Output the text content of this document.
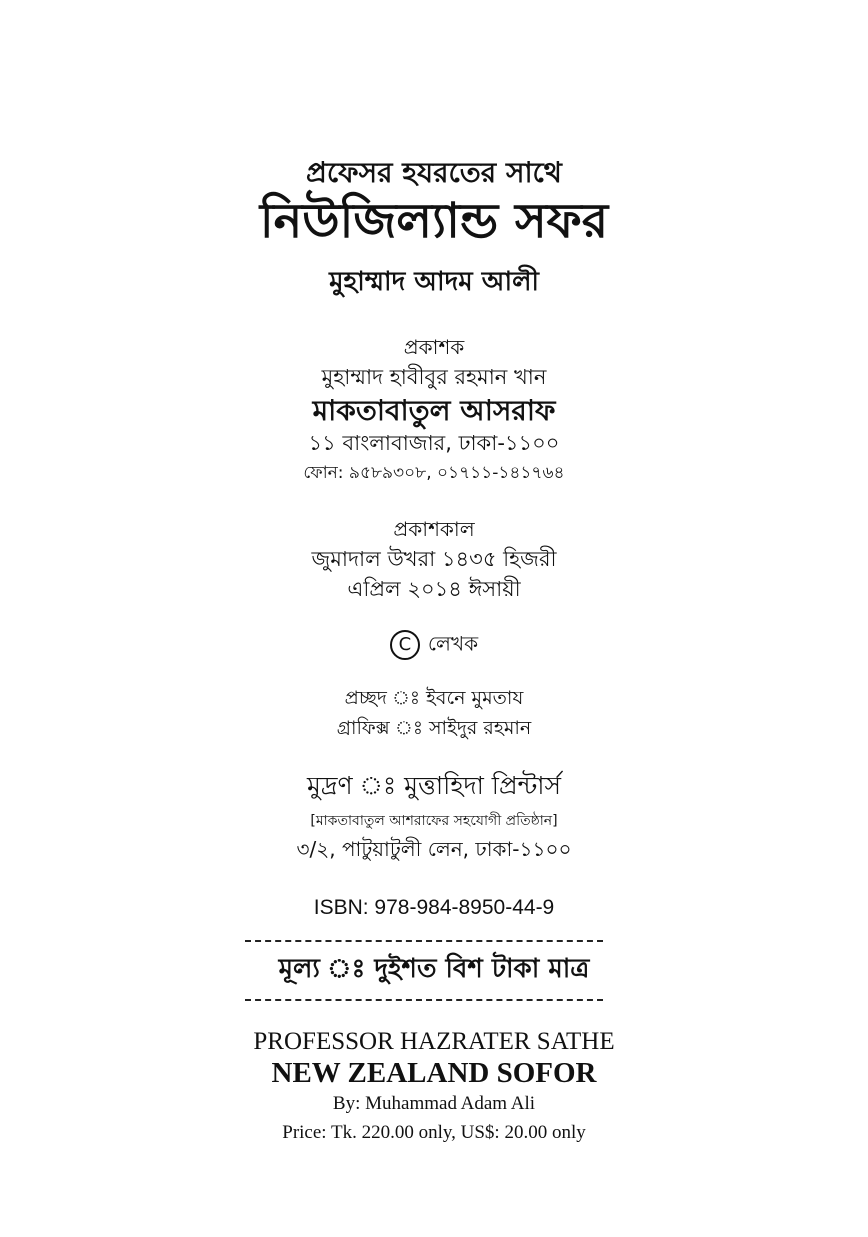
প্রফেসর হযরতের সাথে
নিউজিল্যান্ড সফর
মুহাম্মাদ আদম আলী
প্রকাশক
মুহাম্মাদ হাবীবুর রহমান খান
মাকতাবাতুল আসরাফ
১১ বাংলাবাজার, ঢাকা-১১০০
ফোন: ৯৫৮৯৩০৮, ০১৭১১-১৪১৭৬৪
প্রকাশকাল
জুমাদাল উখরা ১৪৩৫ হিজরী
এপ্রিল ২০১৪ ঈসায়ী
C লেখক
প্রচ্ছদ ঃ ইবনে মুমতায
গ্রাফিক্স ঃ সাইদুর রহমান
মুদ্রণ ঃ মুত্তাহিদা প্রিন্টার্স
[মাকতাবাতুল আশরাফের সহযোগী প্রতিষ্ঠান]
৩/২, পাটুয়াটুলী লেন, ঢাকা-১১০০
ISBN: 978-984-8950-44-9
মূল্য ঃ দুইশত বিশ টাকা মাত্র
PROFESSOR HAZRATER SATHE
NEW ZEALAND SOFOR
By: Muhammad Adam Ali
Price: Tk. 220.00 only, US$: 20.00 only
